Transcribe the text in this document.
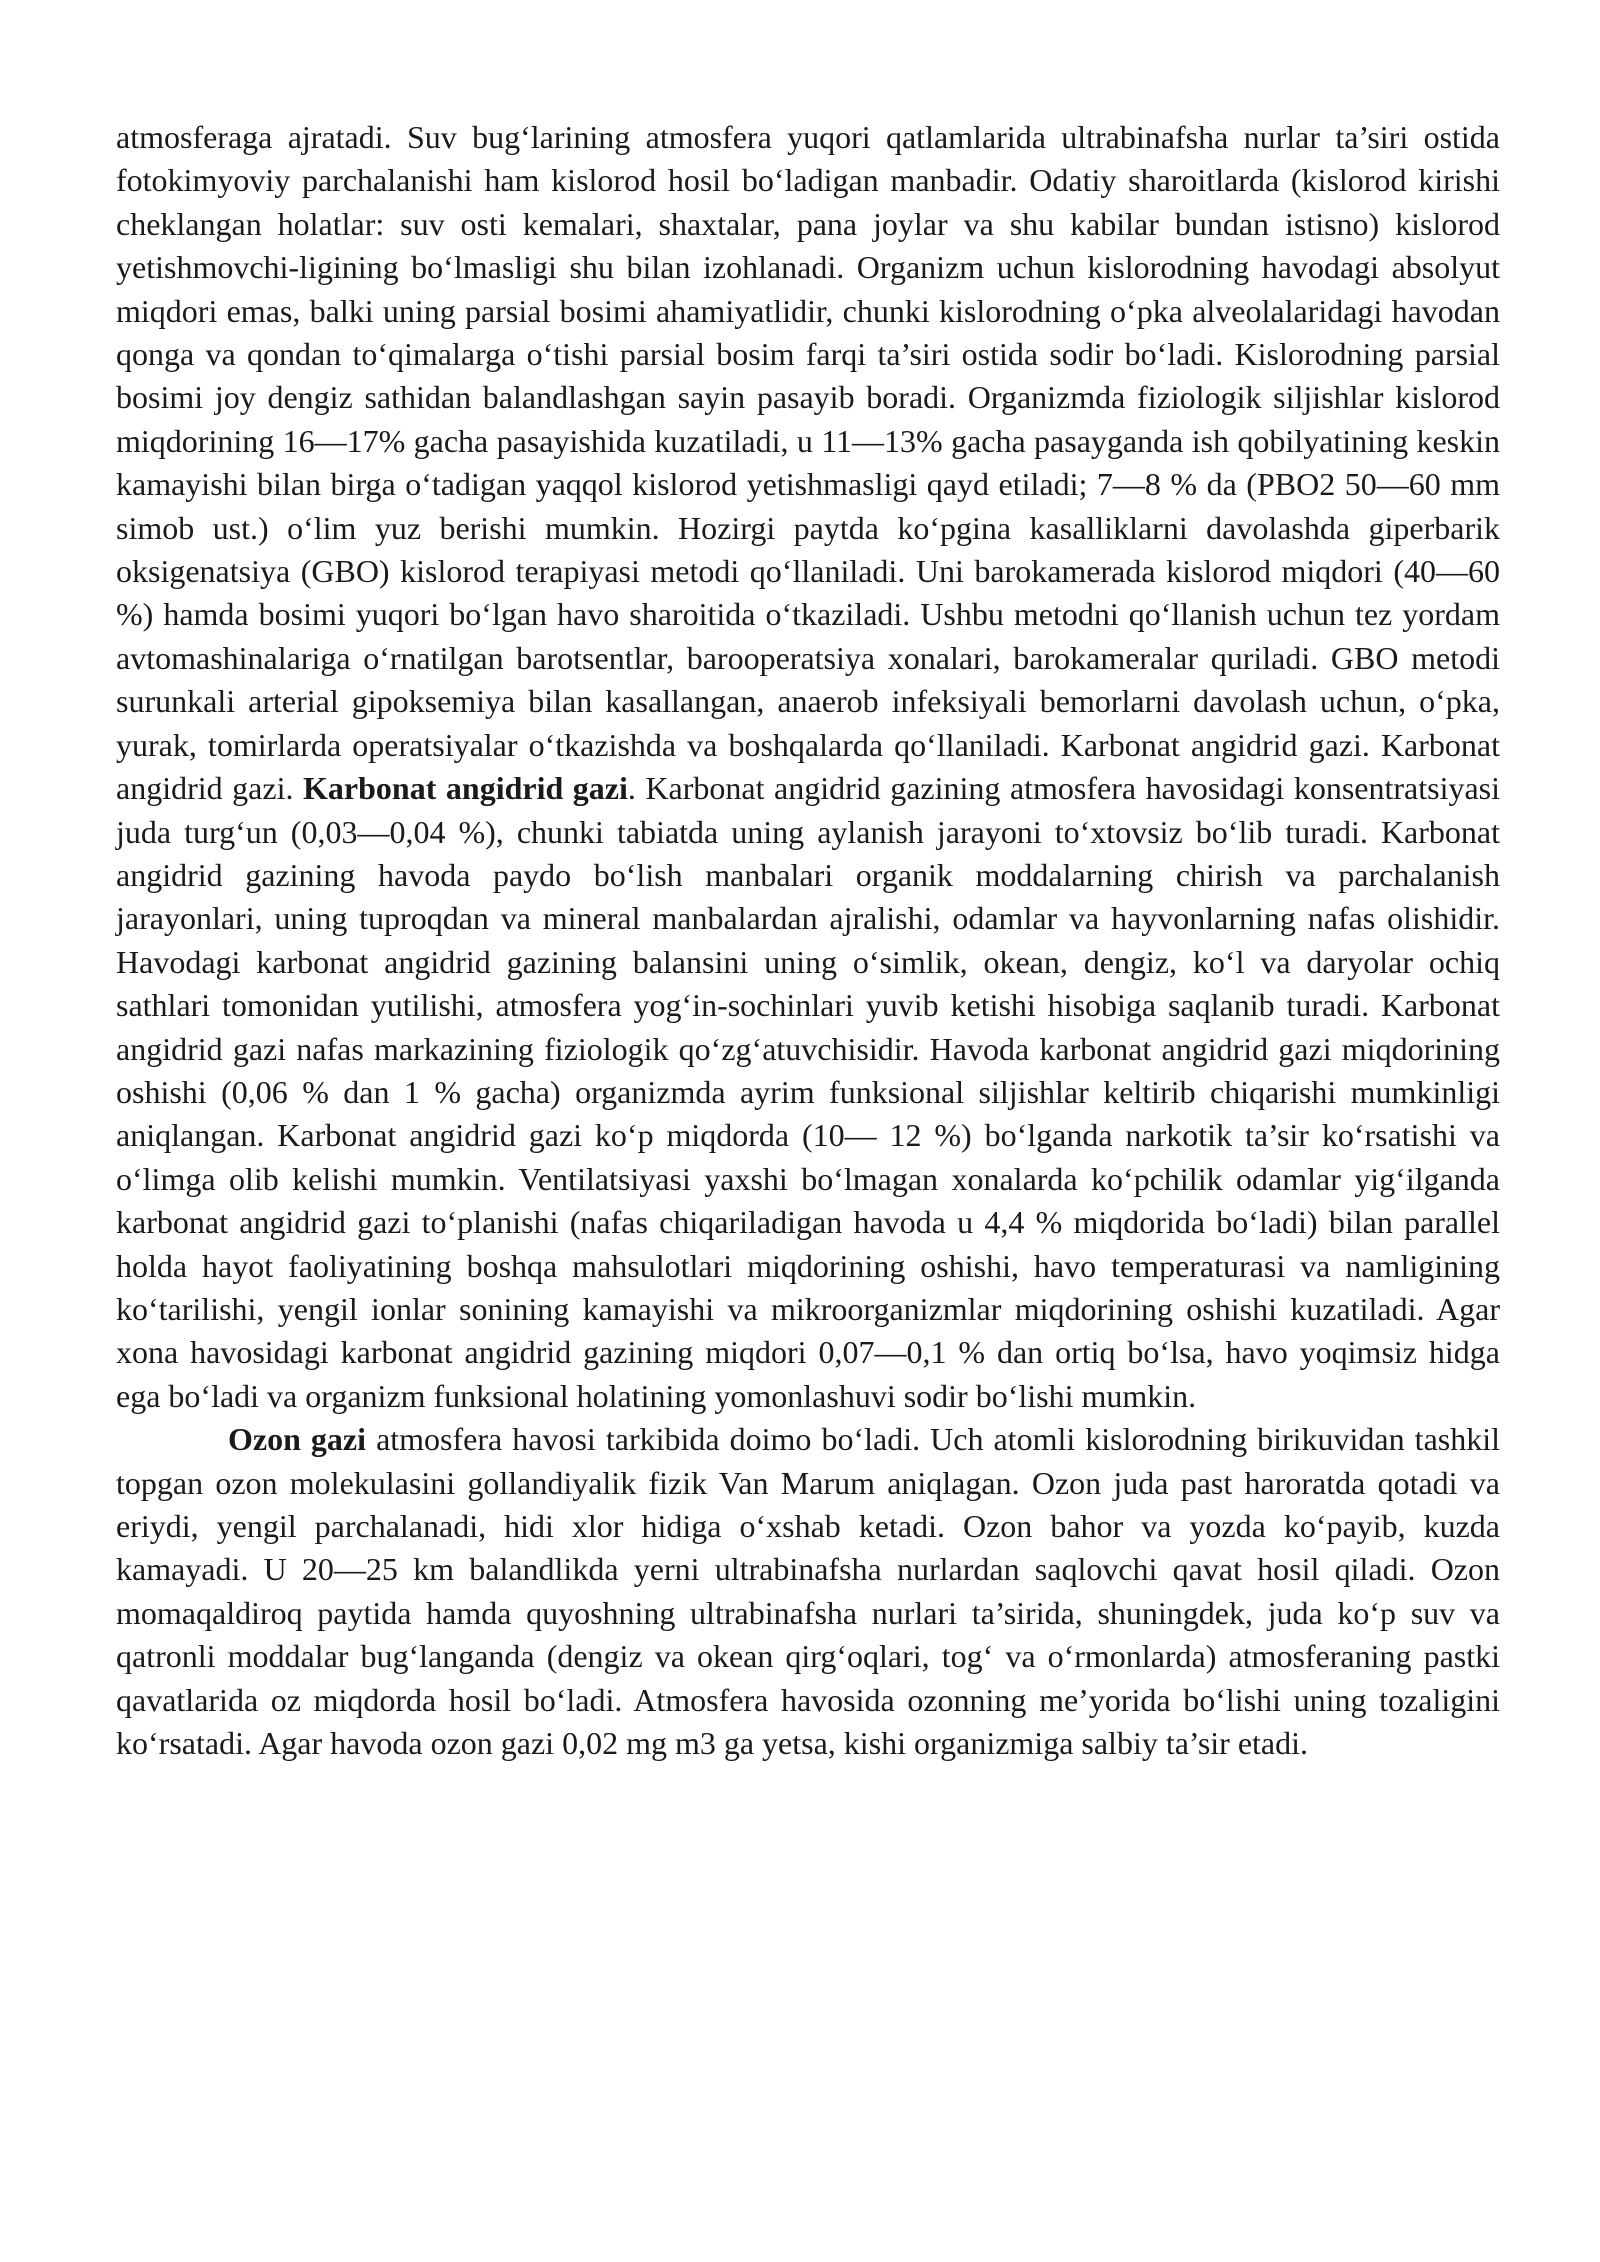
atmosferaga ajratadi. Suv bug‘larining atmosfera yuqori qatlamlarida ultrabinafsha nurlar ta’siri ostida fotokimyoviy parchalanishi ham kislorod hosil bo‘ladigan manbadir. Odatiy sharoitlarda (kislorod kirishi cheklangan holatlar: suv osti kemalari, shaxtalar, pana joylar va shu kabilar bundan istisno) kislorod yetishmovchi-ligining bo‘lmasligi shu bilan izohlanadi. Organizm uchun kislorodning havodagi absolyut miqdori emas, balki uning parsial bosimi ahamiyatlidir, chunki kislorodning o‘pka alveolalaridagi havodan qonga va qondan to‘qimalarga o‘tishi parsial bosim farqi ta’siri ostida sodir bo‘ladi. Kislorodning parsial bosimi joy dengiz sathidan balandlashgan sayin pasayib boradi. Organizmda fiziologik siljishlar kislorod miqdorining 16—17% gacha pasayishida kuzatiladi, u 11—13% gacha pasayganda ish qobilyatining keskin kamayishi bilan birga o‘tadigan yaqqol kislorod yetishmasligi qayd etiladi; 7—8 % da (PBO2 50—60 mm simob ust.) o‘lim yuz berishi mumkin. Hozirgi paytda ko‘pgina kasalliklarni davolashda giperbarik oksigenatsiya (GBO) kislorod terapiyasi metodi qo‘llaniladi. Uni barokamerada kislorod miqdori (40—60 %) hamda bosimi yuqori bo‘lgan havo sharoitida o‘tkaziladi. Ushbu metodni qo‘llanish uchun tez yordam avtomashinalariga o‘rnatilgan barotsentlar, barooperatsiya xonalari, barokameralar quriladi. GBO metodi surunkali arterial gipoksemiya bilan kasallangan, anaerob infeksiyali bemorlarni davolash uchun, o‘pka, yurak, tomirlarda operatsiyalar o‘tkazishda va boshqalarda qo‘llaniladi. Karbonat angidrid gazi. Karbonat angidrid gazi. Karbonat angidrid gazi. Karbonat angidrid gazining atmosfera havosidagi konsentratsiyasi juda turg‘un (0,03—0,04 %), chunki tabiatda uning aylanish jarayoni to‘xtovsiz bo‘lib turadi. Karbonat angidrid gazining havoda paydo bo‘lish manbalari organik moddalarning chirish va parchalanish jarayonlari, uning tuproqdan va mineral manbalardan ajralishi, odamlar va hayvonlarning nafas olishidir. Havodagi karbonat angidrid gazining balansini uning o‘simlik, okean, dengiz, ko‘l va daryolar ochiq sathlari tomonidan yutilishi, atmosfera yog‘in-sochinlari yuvib ketishi hisobiga saqlanib turadi. Karbonat angidrid gazi nafas markazining fiziologik qo‘zg‘atuvchisidir. Havoda karbonat angidrid gazi miqdorining oshishi (0,06 % dan 1 % gacha) organizmda ayrim funksional siljishlar keltirib chiqarishi mumkinligi aniqlangan. Karbonat angidrid gazi ko‘p miqdorda (10— 12 %) bo‘lganda narkotik ta’sir ko‘rsatishi va o‘limga olib kelishi mumkin. Ventilatsiyasi yaxshi bo‘lmagan xonalarda ko‘pchilik odamlar yig‘ilganda karbonat angidrid gazi to‘planishi (nafas chiqariladigan havoda u 4,4 % miqdorida bo‘ladi) bilan parallel holda hayot faoliyatining boshqa mahsulotlari miqdorining oshishi, havo temperaturasi va namligining ko‘tarilishi, yengil ionlar sonining kamayishi va mikroorganizmlar miqdorining oshishi kuzatiladi. Agar xona havosidagi karbonat angidrid gazining miqdori 0,07—0,1 % dan ortiq bo‘lsa, havo yoqimsiz hidga ega bo‘ladi va organizm funksional holatining yomonlashuvi sodir bo‘lishi mumkin.

Ozon gazi atmosfera havosi tarkibida doimo bo‘ladi. Uch atomli kislorodning birikuvidan tashkil topgan ozon molekulasini gollandiyalik fizik Van Marum aniqlagan. Ozon juda past haroratda qotadi va eriydi, yengil parchalanadi, hidi xlor hidiga o‘xshab ketadi. Ozon bahor va yozda ko‘payib, kuzda kamayadi. U 20—25 km balandlikda yerni ultrabinafsha nurlardan saqlovchi qavat hosil qiladi. Ozon momaqaldiroq paytida hamda quyoshning ultrabinafsha nurlari ta’sirida, shuningdek, juda ko‘p suv va qatronli moddalar bug‘langanda (dengiz va okean qirg‘oqlari, tog‘ va o‘rmonlarda) atmosferaning pastki qavatlarida oz miqdorda hosil bo‘ladi. Atmosfera havosida ozonning me’yorida bo‘lishi uning tozaligini ko‘rsatadi. Agar havoda ozon gazi 0,02 mg m3 ga yetsa, kishi organizmiga salbiy ta’sir etadi.
